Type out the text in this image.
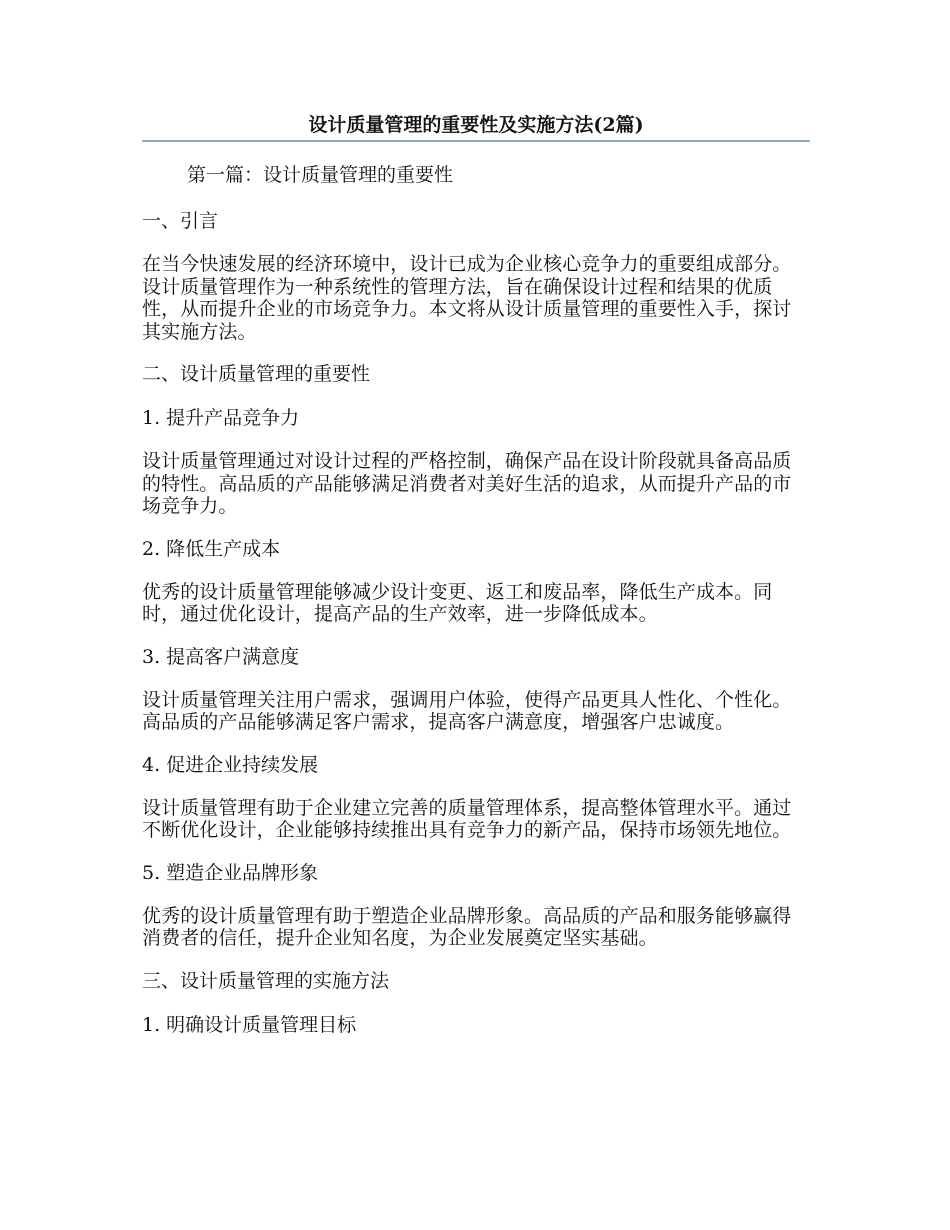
设计质量管理的重要性及实施方法(2篇)

第一篇：设计质量管理的重要性

一、引言

在当今快速发展的经济环境中，设计已成为企业核心竞争力的重要组成部分。设计质量管理作为一种系统性的管理方法，旨在确保设计过程和结果的优质性，从而提升企业的市场竞争力。本文将从设计质量管理的重要性入手，探讨其实施方法。

二、设计质量管理的重要性

1. 提升产品竞争力

设计质量管理通过对设计过程的严格控制，确保产品在设计阶段就具备高品质的特性。高品质的产品能够满足消费者对美好生活的追求，从而提升产品的市场竞争力。

2. 降低生产成本

优秀的设计质量管理能够减少设计变更、返工和废品率，降低生产成本。同时，通过优化设计，提高产品的生产效率，进一步降低成本。

3. 提高客户满意度

设计质量管理关注用户需求，强调用户体验，使得产品更具人性化、个性化。高品质的产品能够满足客户需求，提高客户满意度，增强客户忠诚度。

4. 促进企业持续发展

设计质量管理有助于企业建立完善的质量管理体系，提高整体管理水平。通过不断优化设计，企业能够持续推出具有竞争力的新产品，保持市场领先地位。

5. 塑造企业品牌形象

优秀的设计质量管理有助于塑造企业品牌形象。高品质的产品和服务能够赢得消费者的信任，提升企业知名度，为企业发展奠定坚实基础。

三、设计质量管理的实施方法

1. 明确设计质量管理目标
